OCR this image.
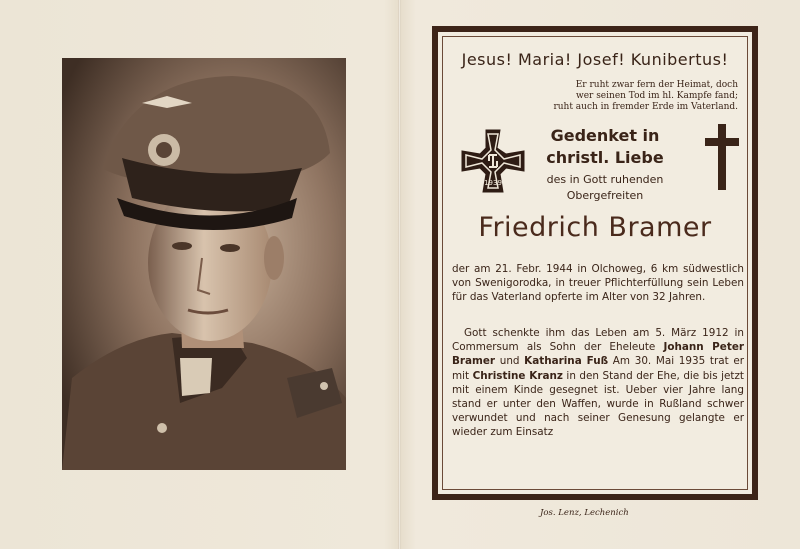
Jesus! Maria! Josef! Kunibertus!
Er ruht zwar fern der Heimat, doch
wer seinen Tod im hl. Kampfe fand;
ruht auch in fremder Erde im Vaterland.
1939
Gedenket in
christl. Liebe
des in Gott ruhenden
Obergefreiten
Friedrich Bramer
der am 21. Febr. 1944 in Olchoweg, 6 km südwestlich von Swenigorodka, in treuer Pflichterfüllung sein Leben für das Vaterland opferte im Alter von 32 Jahren.
Gott schenkte ihm das Leben am 5. März 1912 in Commersum als Sohn der Eheleute Johann Peter Bramer und Katharina Fuß Am 30. Mai 1935 trat er mit Christine Kranz in den Stand der Ehe, die bis jetzt mit einem Kinde gesegnet ist. Ueber vier Jahre lang stand er unter den Waffen, wurde in Rußland schwer verwundet und nach seiner Genesung gelangte er wieder zum Einsatz
Jos. Lenz, Lechenich
